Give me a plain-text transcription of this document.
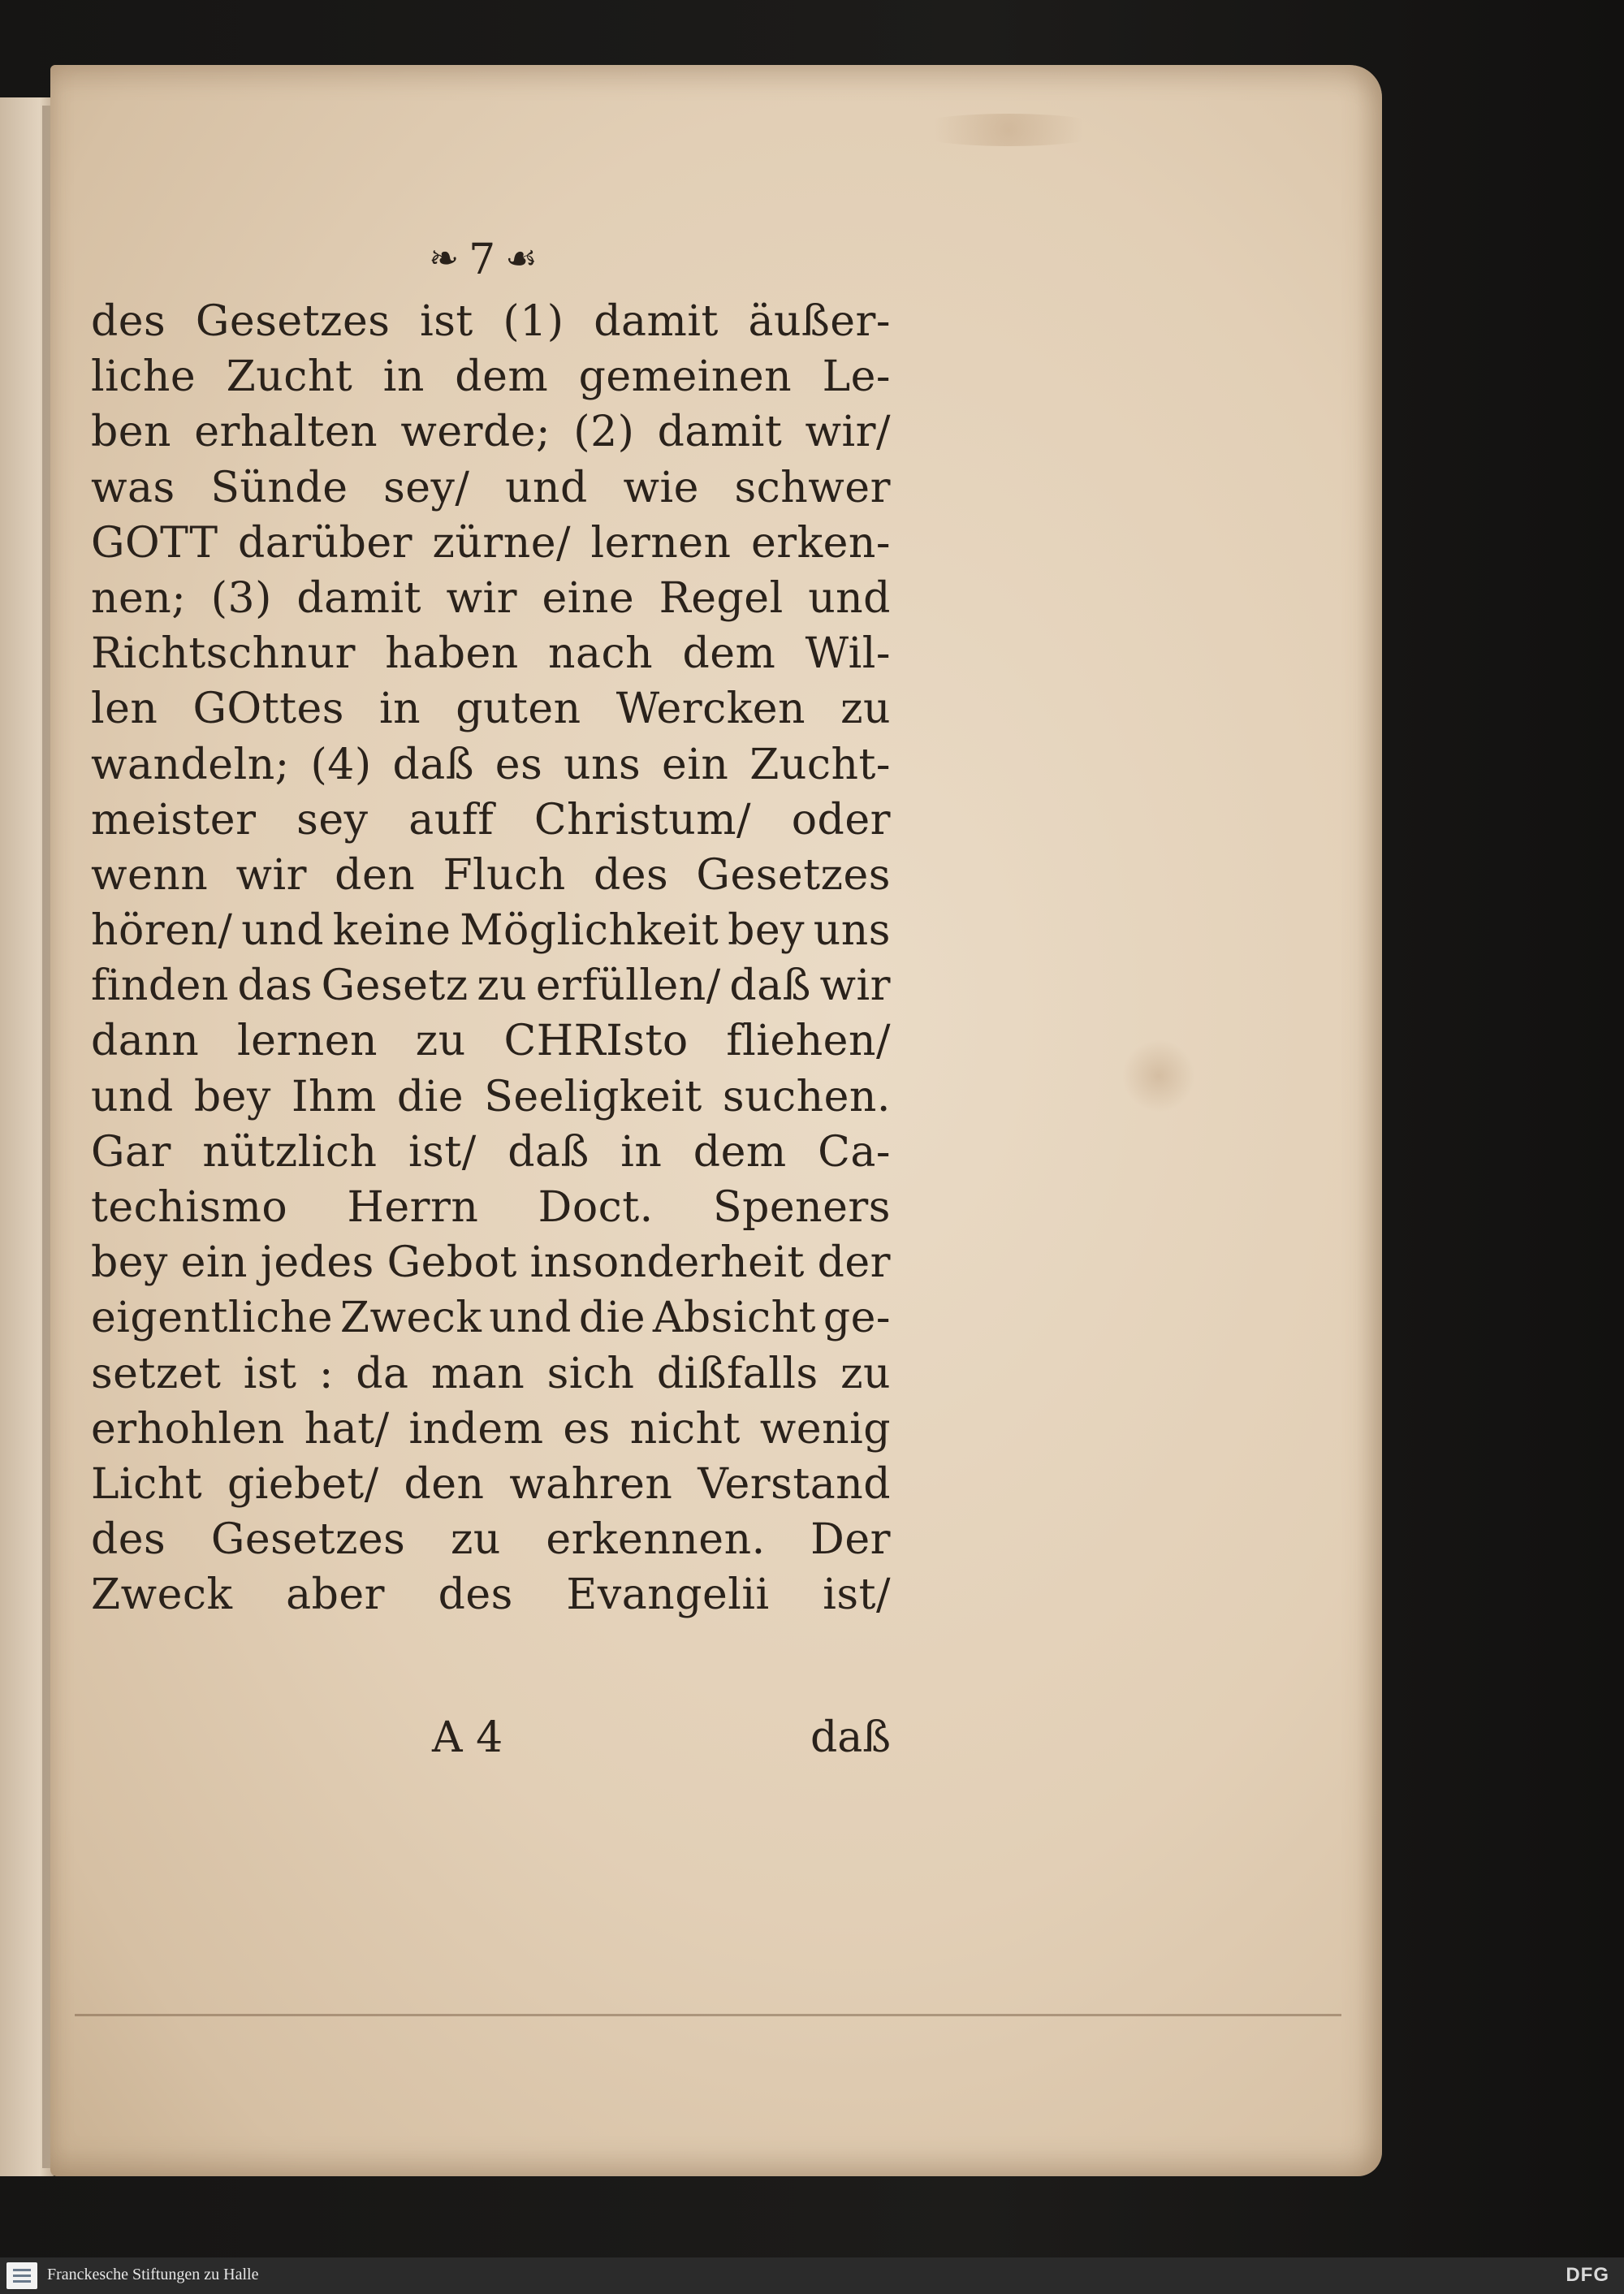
❧ 7 ☙
des Gesetzes ist (1) damit äußer-
liche Zucht in dem gemeinen Le-
ben erhalten werde; (2) damit wir/
was Sünde sey/ und wie schwer
GOTT darüber zürne/ lernen erken-
nen; (3) damit wir eine Regel und
Richtschnur haben nach dem Wil-
len GOttes in guten Wercken zu
wandeln; (4) daß es uns ein Zucht-
meister sey auff Christum/ oder
wenn wir den Fluch des Gesetzes
hören/ und keine Möglichkeit bey uns
finden das Gesetz zu erfüllen/ daß wir
dann lernen zu CHRIsto fliehen/
und bey Ihm die Seeligkeit suchen.
Gar nützlich ist/ daß in dem Ca-
techismo Herrn Doct. Speners
bey ein jedes Gebot insonderheit der
eigentliche Zweck und die Absicht ge-
setzet ist : da man sich dißfalls zu
erhohlen hat/ indem es nicht wenig
Licht giebet/ den wahren Verstand
des Gesetzes zu erkennen. Der
Zweck aber des Evangelii ist/
A 4	daß
Franckesche Stiftungen zu Halle	DFG
